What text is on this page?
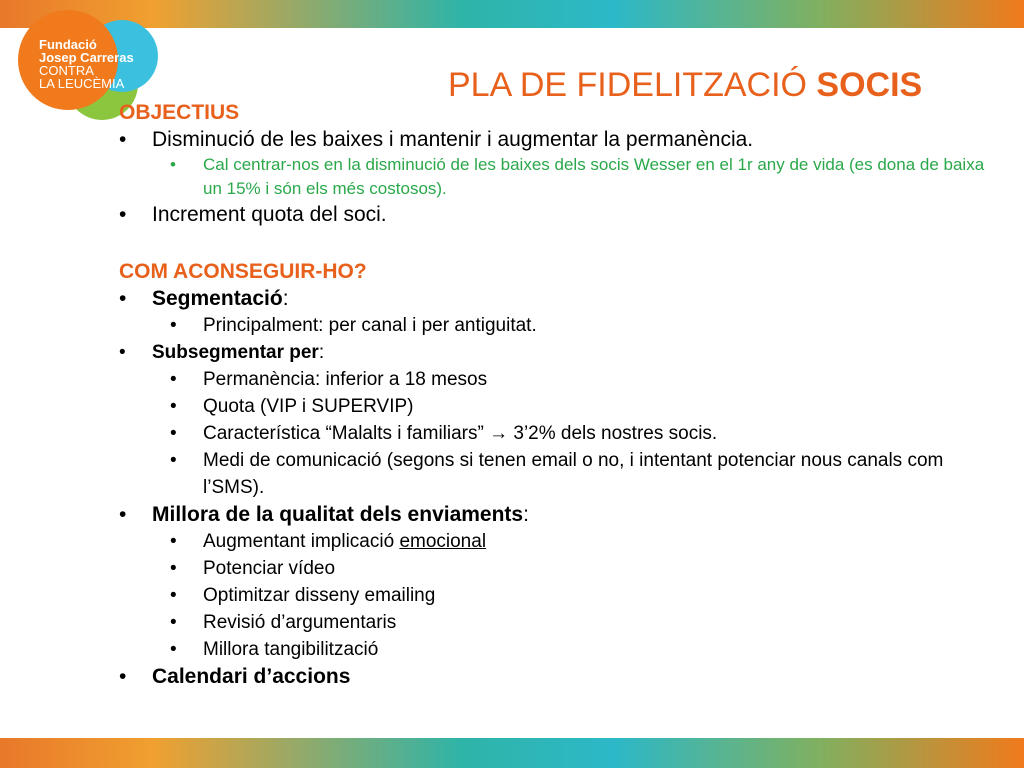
Fundació
Josep Carreras
CONTRA
LA LEUCÈMIA	PLA DE FIDELITZACIÓ SOCIS
OBJECTIUS
• Disminució de les baixes i mantenir i augmentar la permanència.
• Cal centrar-nos en la disminució de les baixes dels socis Wesser en el 1r any de vida (es dona de baixa un 15% i són els més costosos).
• Increment quota del soci.
COM ACONSEGUIR-HO?
• Segmentació:
• Principalment: per canal i per antiguitat.
• Subsegmentar per:
• Permanència: inferior a 18 mesos
• Quota (VIP i SUPERVIP)
• Característica “Malalts i familiars” → 3’2% dels nostres socis.
• Medi de comunicació (segons si tenen email o no, i intentant potenciar nous canals com l’SMS).
• Millora de la qualitat dels enviaments:
• Augmentant implicació emocional
• Potenciar vídeo
• Optimitzar disseny emailing
• Revisió d’argumentaris
• Millora tangibilització
• Calendari d’accions
